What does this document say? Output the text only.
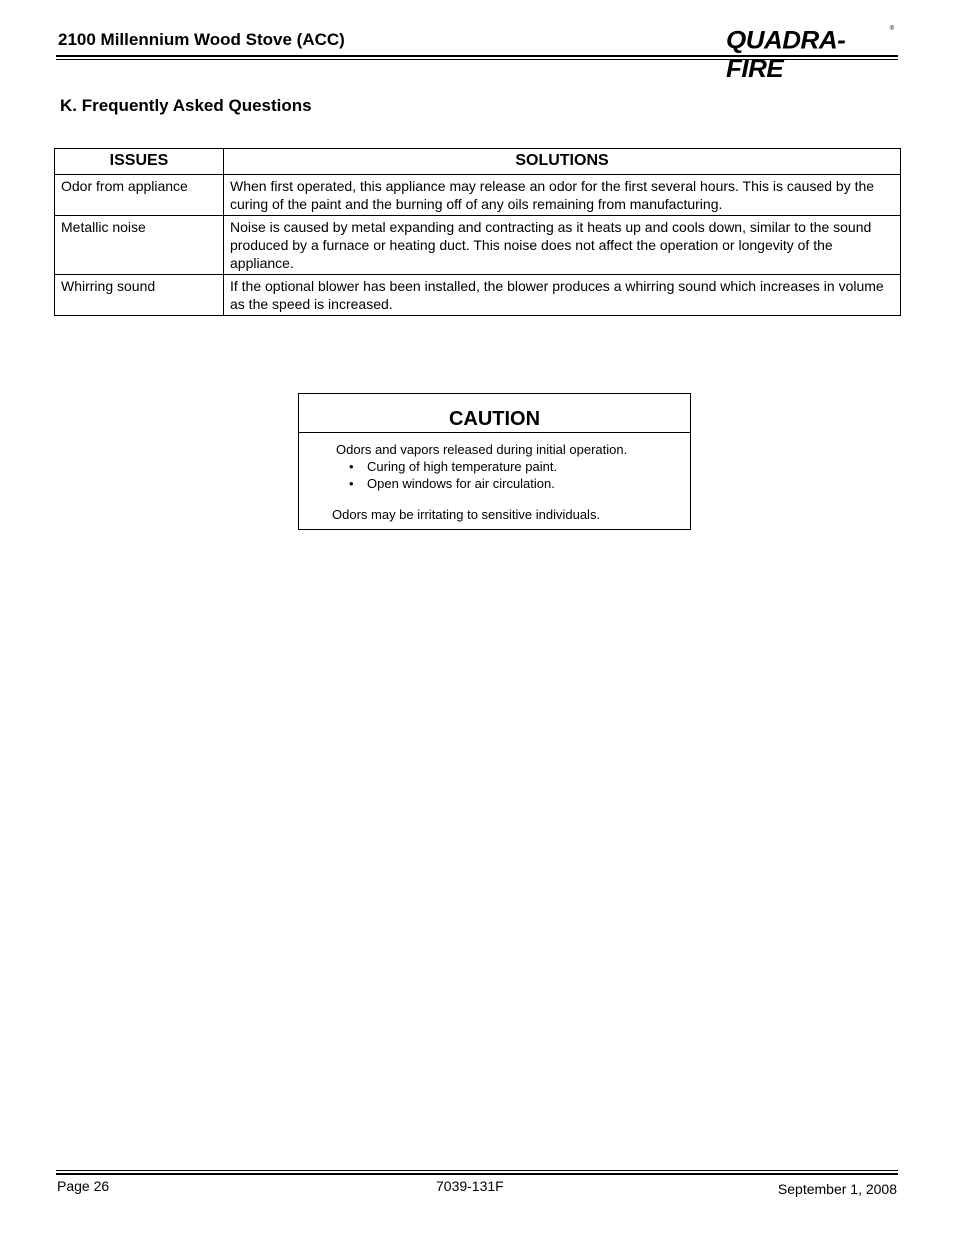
2100 Millennium Wood Stove (ACC)	QUADRA-FIRE
®
K. Frequently Asked Questions
ISSUES	SOLUTIONS
Odor from appliance	When first operated, this appliance may release an odor for the first several hours. This is caused by the curing of the paint and the burning off of any oils remaining from manufacturing.
Metallic noise	Noise is caused by metal expanding and contracting as it heats up and cools down, similar to the sound produced by a furnace or heating duct. This noise does not affect the operation or longevity of the appliance.
Whirring sound	If the optional blower has been installed, the blower produces a whirring sound which increases in volume as the speed is increased.
CAUTION
Odors and vapors released during initial operation.
• Curing of high temperature paint.
• Open windows for air circulation.
Odors may be irritating to sensitive individuals.
Page 26	7039-131F	September 1, 2008
